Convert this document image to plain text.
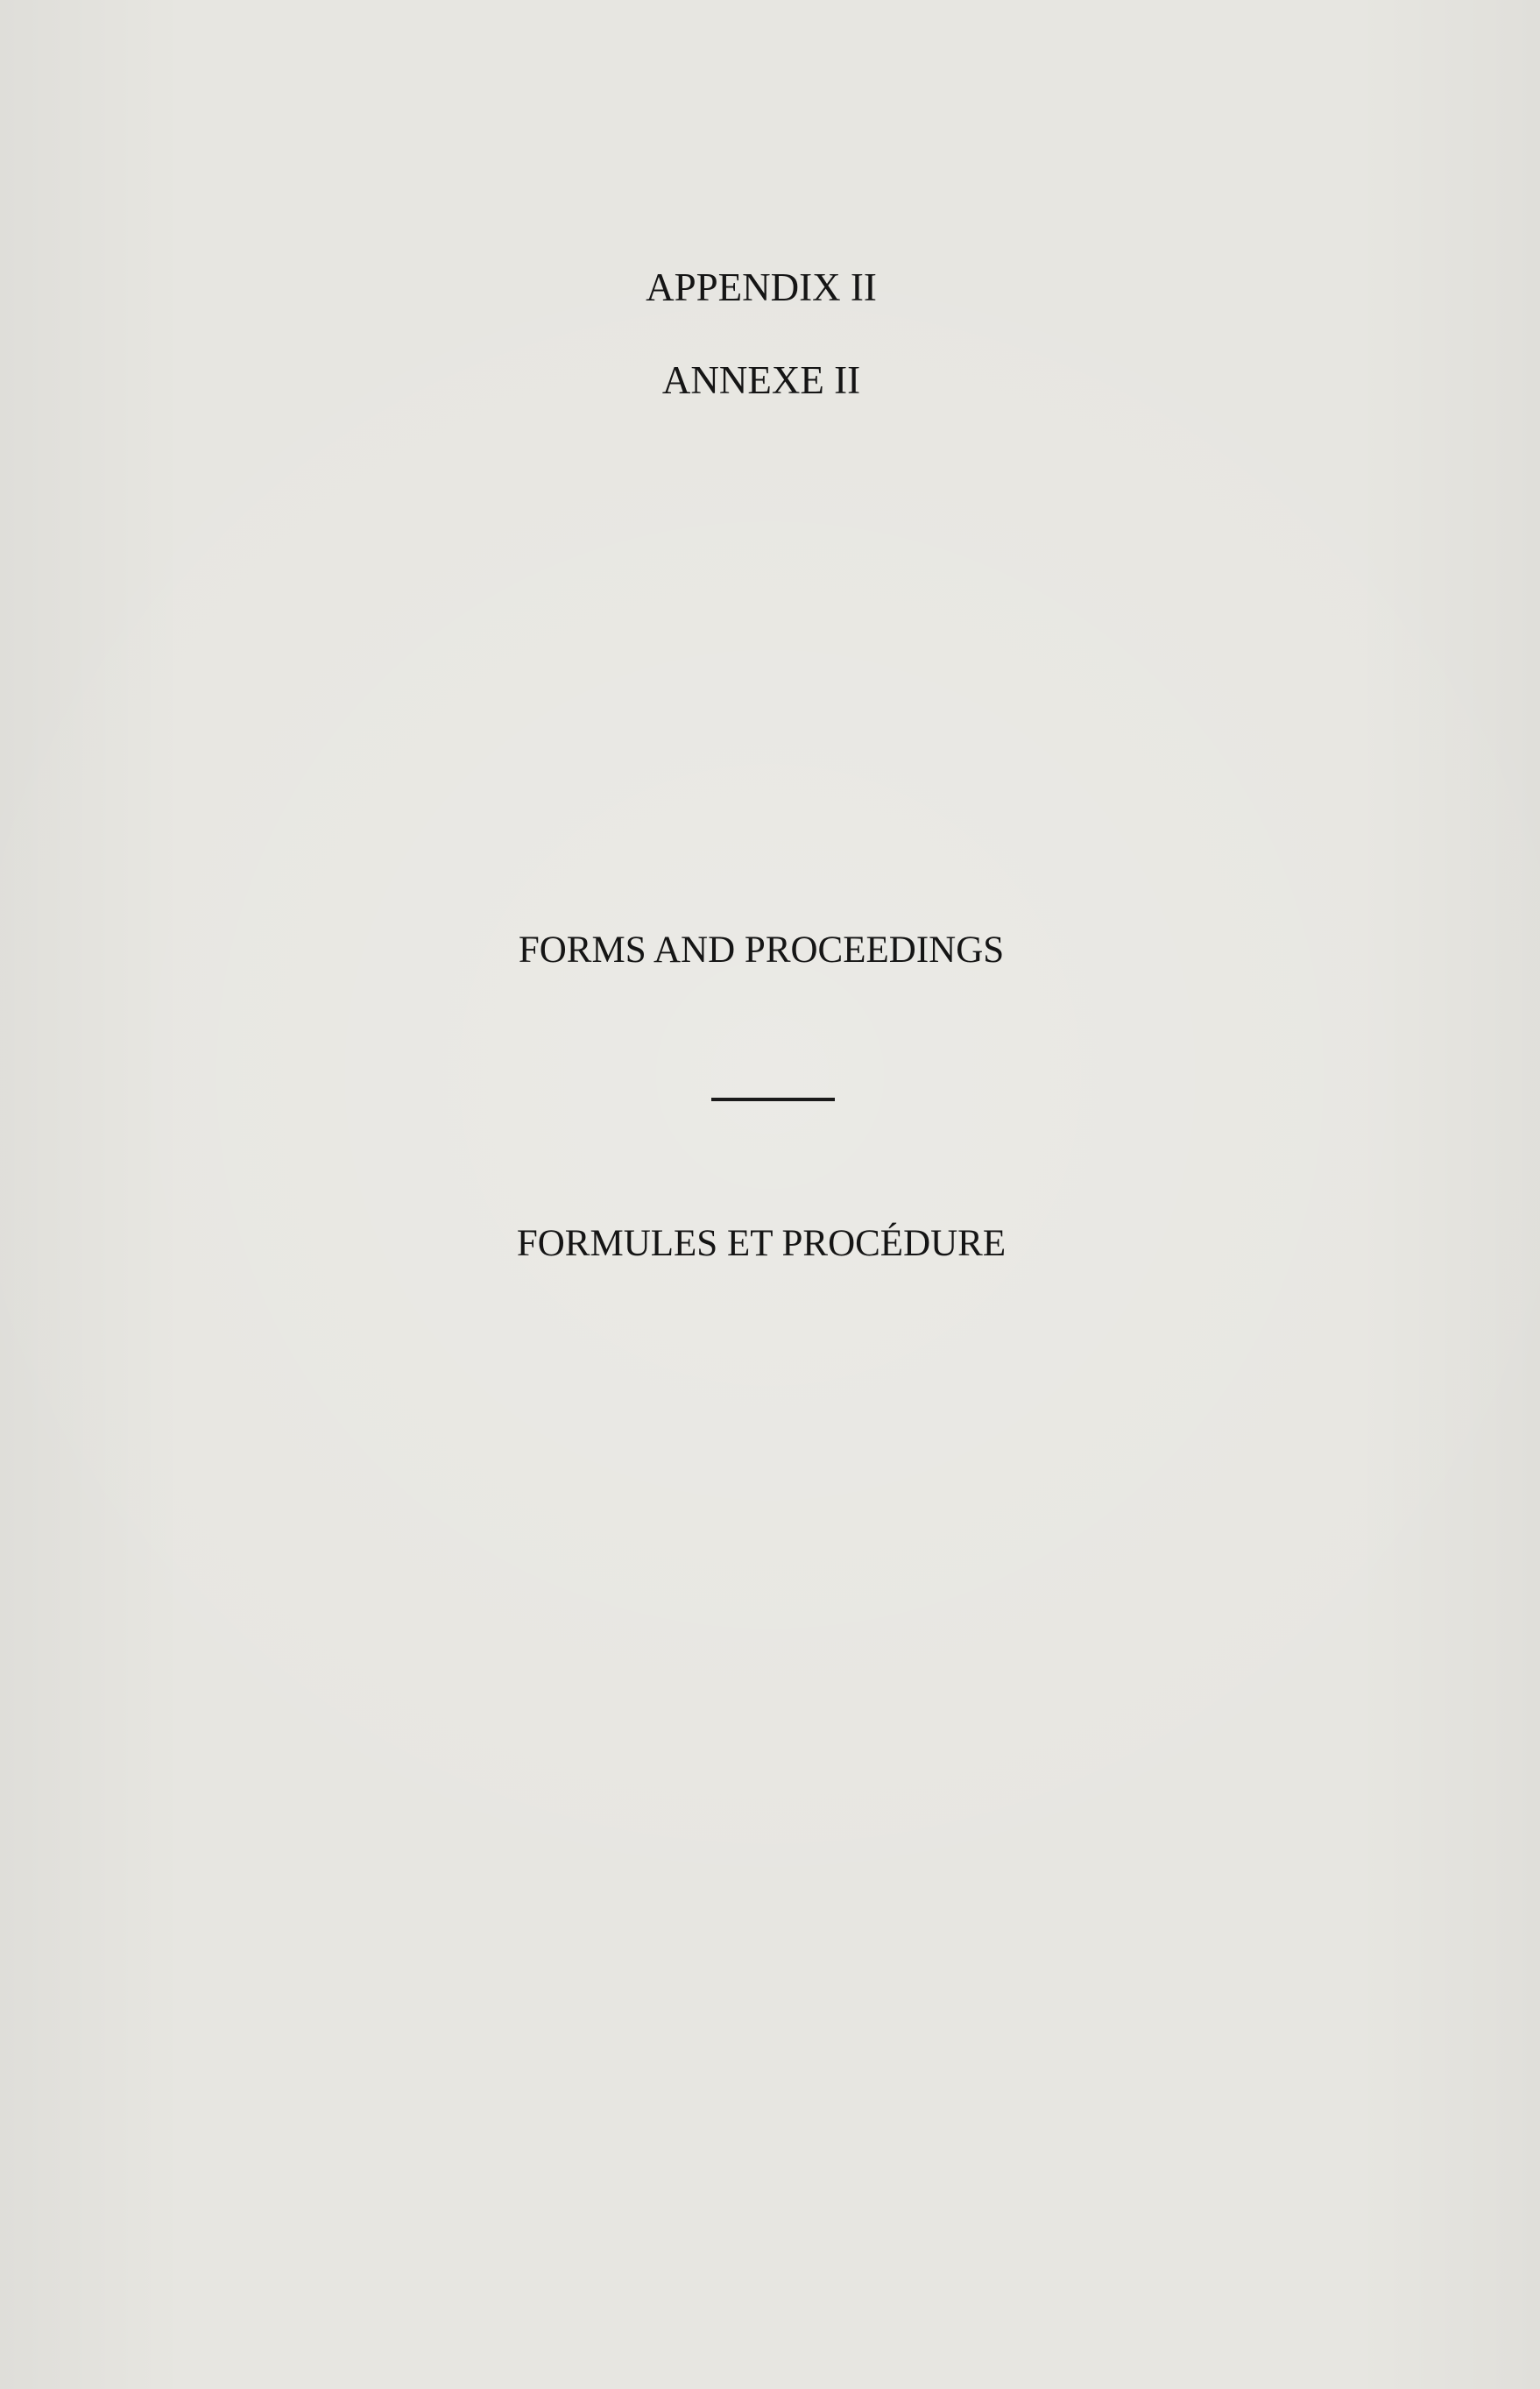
APPENDIX II
ANNEXE II
FORMS AND PROCEEDINGS
FORMULES ET PROCÉDURE
